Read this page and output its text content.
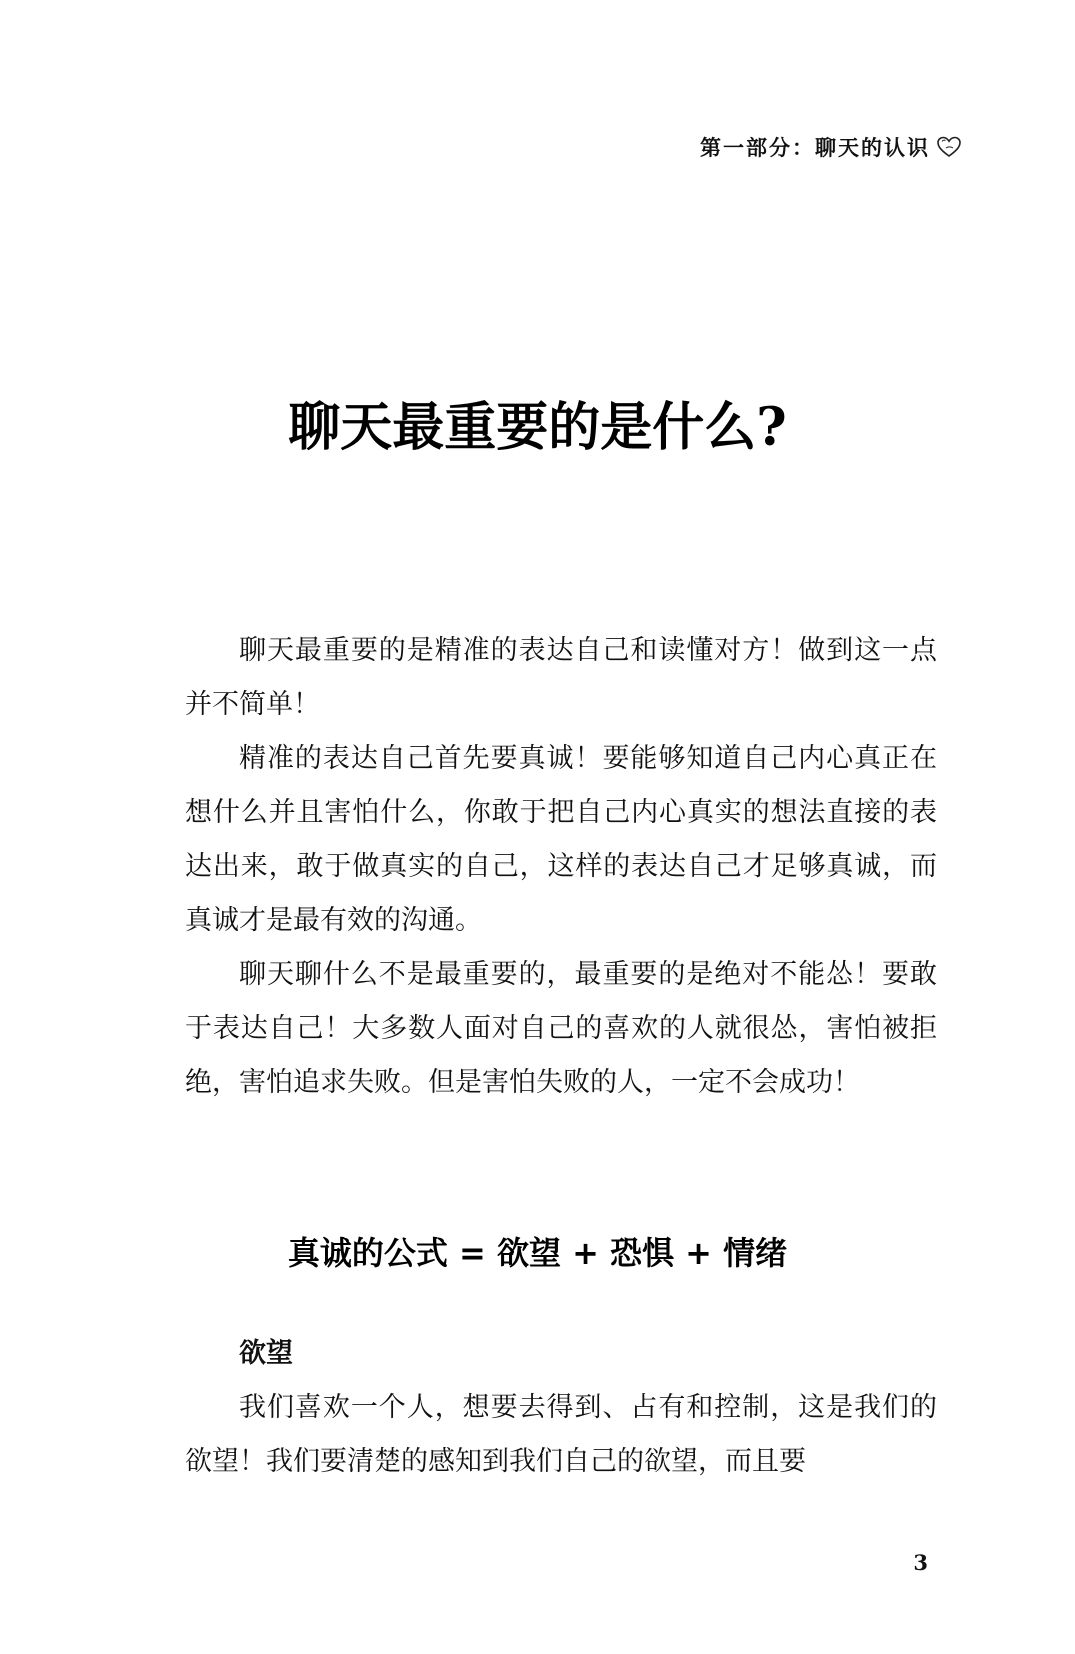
第一部分：聊天的认识
聊天最重要的是什么?

聊天最重要的是精准的表达自己和读懂对方！做到这一点并不简单！

精准的表达自己首先要真诚！要能够知道自己内心真正在想什么并且害怕什么，你敢于把自己内心真实的想法直接的表达出来，敢于做真实的自己，这样的表达自己才足够真诚，而真诚才是最有效的沟通。

聊天聊什么不是最重要的，最重要的是绝对不能怂！要敢于表达自己！大多数人面对自己的喜欢的人就很怂，害怕被拒绝，害怕追求失败。但是害怕失败的人，一定不会成功！

真诚的公式 = 欲望 + 恐惧 + 情绪

欲望

我们喜欢一个人，想要去得到、占有和控制，这是我们的欲望！我们要清楚的感知到我们自己的欲望，而且要

3
